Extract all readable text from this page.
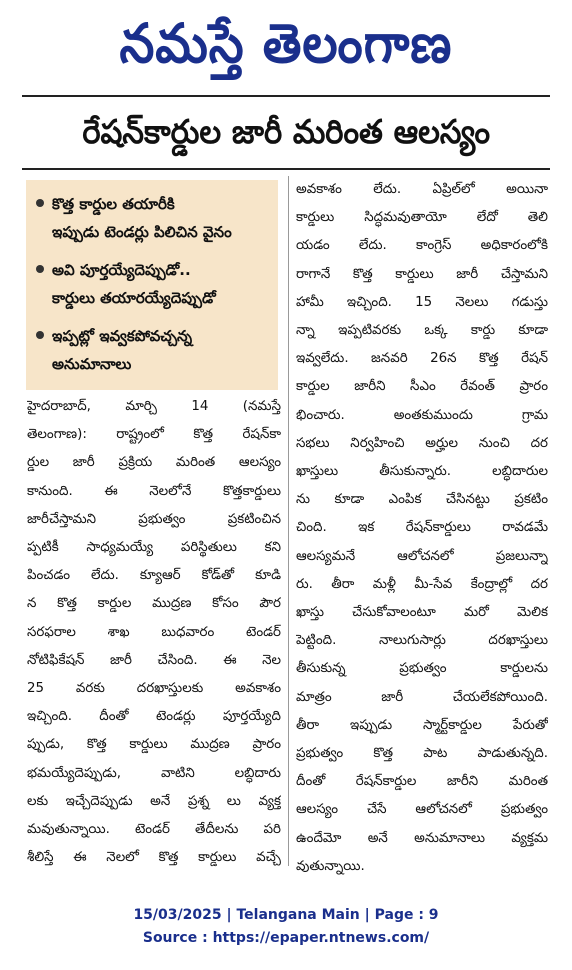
నమస్తే తెలంగాణ
రేషన్‌కార్డుల జారీ మరింత ఆలస్యం
కొత్త కార్డుల తయారీకి
ఇప్పుడు టెండర్లు పిలిచిన వైనం
అవి పూర్తయ్యేదెప్పుడో..
కార్డులు తయారయ్యేదెప్పుడో
ఇప్పట్లో ఇవ్వకపోవచ్చన్న
అనుమానాలు

హైదరాబాద్‌, మార్చి 14 (నమస్తే

తెలంగాణ): రాష్ట్రంలో కొత్త రేషన్‌కా

ర్డుల జారీ ప్రక్రియ మరింత ఆలస్యం

కానుంది. ఈ నెలలోనే కొత్తకార్డులు

జారీచేస్తామని ప్రభుత్వం ప్రకటించిన

ప్పటికీ సాధ్యమయ్యే పరిస్థితులు కని

పించడం లేదు. క్యూఆర్‌ కోడ్‌తో కూడి

న కొత్త కార్డుల ముద్రణ కోసం పౌర

సరఫరాల శాఖ బుధవారం టెండర్‌

నోటిఫికేషన్‌ జారీ చేసింది. ఈ నెల

25 వరకు దరఖాస్తులకు అవకాశం

ఇచ్చింది. దీంతో టెండర్లు పూర్తయ్యేది

ప్పుడు, కొత్త కార్డులు ముద్రణ ప్రారం

భమయ్యేదెప్పుడు, వాటిని లబ్ధిదారు

లకు ఇచ్చేదెప్పుడు అనే ప్రశ్న లు వ్యక్త

మవుతున్నాయి. టెండర్‌ తేదీలను పరి

శీలిస్తే ఈ నెలలో కొత్త కార్డులు వచ్చే

అవకాశం లేదు. ఏప్రిల్‌లో అయినా

కార్డులు సిద్ధమవుతాయో లేదో తెలి

యడం లేదు. కాంగ్రెస్‌ అధికారంలోకి

రాగానే కొత్త కార్డులు జారీ చేస్తామని

హామీ ఇచ్చింది. 15 నెలలు గడుస్తు

న్నా ఇప్పటివరకు ఒక్క కార్డు కూడా

ఇవ్వలేదు. జనవరి 26న కొత్త రేషన్‌

కార్డుల జారీని సీఎం రేవంత్‌ ప్రారం

భించారు. అంతకుముందు గ్రామ

సభలు నిర్వహించి అర్హుల నుంచి దర

ఖాస్తులు తీసుకున్నారు. లబ్ధిదారుల

ను కూడా ఎంపిక చేసినట్టు ప్రకటిం

చింది. ఇక రేషన్‌కార్డులు రావడమే

ఆలస్యమనే ఆలోచనలో ప్రజలున్నా

రు. తీరా మళ్లీ మీ-సేవ కేంద్రాల్లో దర

ఖాస్తు చేసుకోవాలంటూ మరో మెలిక

పెట్టింది. నాలుగుసార్లు దరఖాస్తులు

తీసుకున్న ప్రభుత్వం కార్డులను

మాత్రం జారీ చేయలేకపోయింది.

తీరా ఇప్పుడు స్మార్ట్‌కార్డుల పేరుతో

ప్రభుత్వం కొత్త పాట పాడుతున్నది.

దీంతో రేషన్‌కార్డుల జారీని మరింత

ఆలస్యం చేసే ఆలోచనలో ప్రభుత్వం

ఉందేమో అనే అనుమానాలు వ్యక్తమ

వుతున్నాయి.

15/03/2025 | Telangana Main | Page : 9
Source : https://epaper.ntnews.com/
